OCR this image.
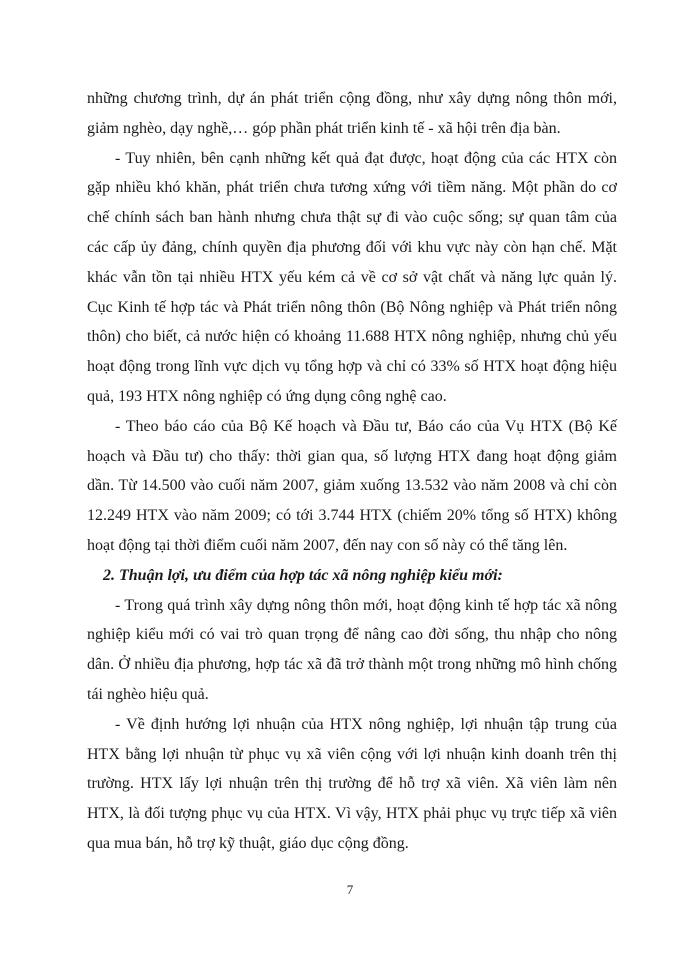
những chương trình, dự án phát triển cộng đồng, như xây dựng nông thôn mới, giảm nghèo, dạy nghề,… góp phần phát triển kinh tế - xã hội trên địa bàn.

- Tuy nhiên, bên cạnh những kết quả đạt được, hoạt động của các HTX còn gặp nhiều khó khăn, phát triển chưa tương xứng với tiềm năng. Một phần do cơ chế chính sách ban hành nhưng chưa thật sự đi vào cuộc sống; sự quan tâm của các cấp ủy đảng, chính quyền địa phương đối với khu vực này còn hạn chế. Mặt khác vẫn tồn tại nhiều HTX yếu kém cả về cơ sở vật chất và năng lực quản lý. Cục Kinh tế hợp tác và Phát triển nông thôn (Bộ Nông nghiệp và Phát triển nông thôn) cho biết, cả nước hiện có khoảng 11.688 HTX nông nghiệp, nhưng chủ yếu hoạt động trong lĩnh vực dịch vụ tổng hợp và chỉ có 33% số HTX hoạt động hiệu quả, 193 HTX nông nghiệp có ứng dụng công nghệ cao.

- Theo báo cáo của Bộ Kế hoạch và Đầu tư, Báo cáo của Vụ HTX (Bộ Kế hoạch và Đầu tư) cho thấy: thời gian qua, số lượng HTX đang hoạt động giảm dần. Từ 14.500 vào cuối năm 2007, giảm xuống 13.532 vào năm 2008 và chỉ còn 12.249 HTX vào năm 2009; có tới 3.744 HTX (chiếm 20% tổng số HTX) không hoạt động tại thời điểm cuối năm 2007, đến nay con số này có thể tăng lên.

2. Thuận lợi, ưu điểm của hợp tác xã nông nghiệp kiểu mới:

- Trong quá trình xây dựng nông thôn mới, hoạt động kinh tế hợp tác xã nông nghiệp kiểu mới có vai trò quan trọng để nâng cao đời sống, thu nhập cho nông dân. Ở nhiều địa phương, hợp tác xã đã trở thành một trong những mô hình chống tái nghèo hiệu quả.

- Về định hướng lợi nhuận của HTX nông nghiệp, lợi nhuận tập trung của HTX bằng lợi nhuận từ phục vụ xã viên cộng với lợi nhuận kinh doanh trên thị trường. HTX lấy lợi nhuận trên thị trường để hỗ trợ xã viên. Xã viên làm nên HTX, là đối tượng phục vụ của HTX. Vì vậy, HTX phải phục vụ trực tiếp xã viên qua mua bán, hỗ trợ kỹ thuật, giáo dục cộng đồng.

7
